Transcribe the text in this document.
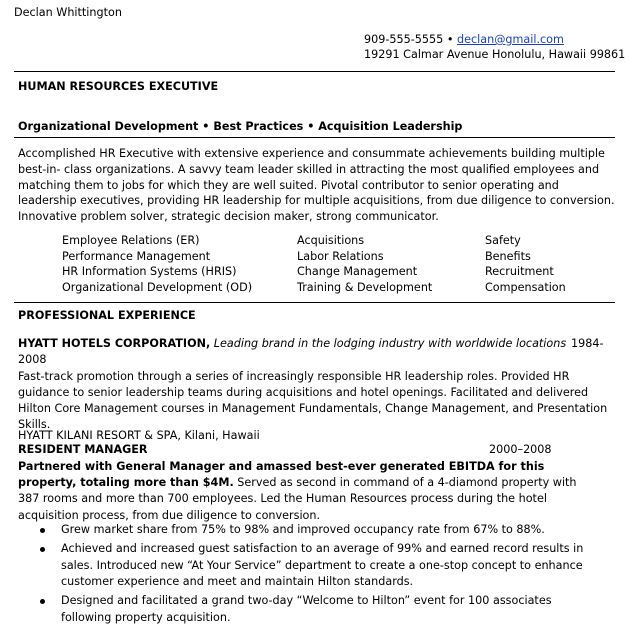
Declan Whittington
909-555-5555 • declan@gmail.com
19291 Calmar Avenue Honolulu, Hawaii 99861
HUMAN RESOURCES EXECUTIVE
Organizational Development • Best Practices • Acquisition Leadership
Accomplished HR Executive with extensive experience and consummate achievements building multiple best-in- class organizations. A savvy team leader skilled in attracting the most qualified employees and matching them to jobs for which they are well suited. Pivotal contributor to senior operating and leadership executives, providing HR leadership for multiple acquisitions, from due diligence to conversion. Innovative problem solver, strategic decision maker, strong communicator.
Employee Relations (ER)
Performance Management
HR Information Systems (HRIS)
Organizational Development (OD)
Acquisitions
Labor Relations
Change Management
Training & Development
Safety
Benefits
Recruitment
Compensation
PROFESSIONAL EXPERIENCE
HYATT HOTELS CORPORATION, Leading brand in the lodging industry with worldwide locations 1984-
2008
Fast-track promotion through a series of increasingly responsible HR leadership roles. Provided HR guidance to senior leadership teams during acquisitions and hotel openings. Facilitated and delivered Hilton Core Management courses in Management Fundamentals, Change Management, and Presentation Skills.
HYATT KILANI RESORT & SPA, Kilani, Hawaii
RESIDENT MANAGER	2000–2008
Partnered with General Manager and amassed best-ever generated EBITDA for this property, totaling more than $4M. Served as second in command of a 4-diamond property with 387 rooms and more than 700 employees. Led the Human Resources process during the hotel acquisition process, from due diligence to conversion.
Grew market share from 75% to 98% and improved occupancy rate from 67% to 88%.
Achieved and increased guest satisfaction to an average of 99% and earned record results in sales. Introduced new “At Your Service” department to create a one-stop concept to enhance customer experience and meet and maintain Hilton standards.
Designed and facilitated a grand two-day “Welcome to Hilton” event for 100 associates following property acquisition.
